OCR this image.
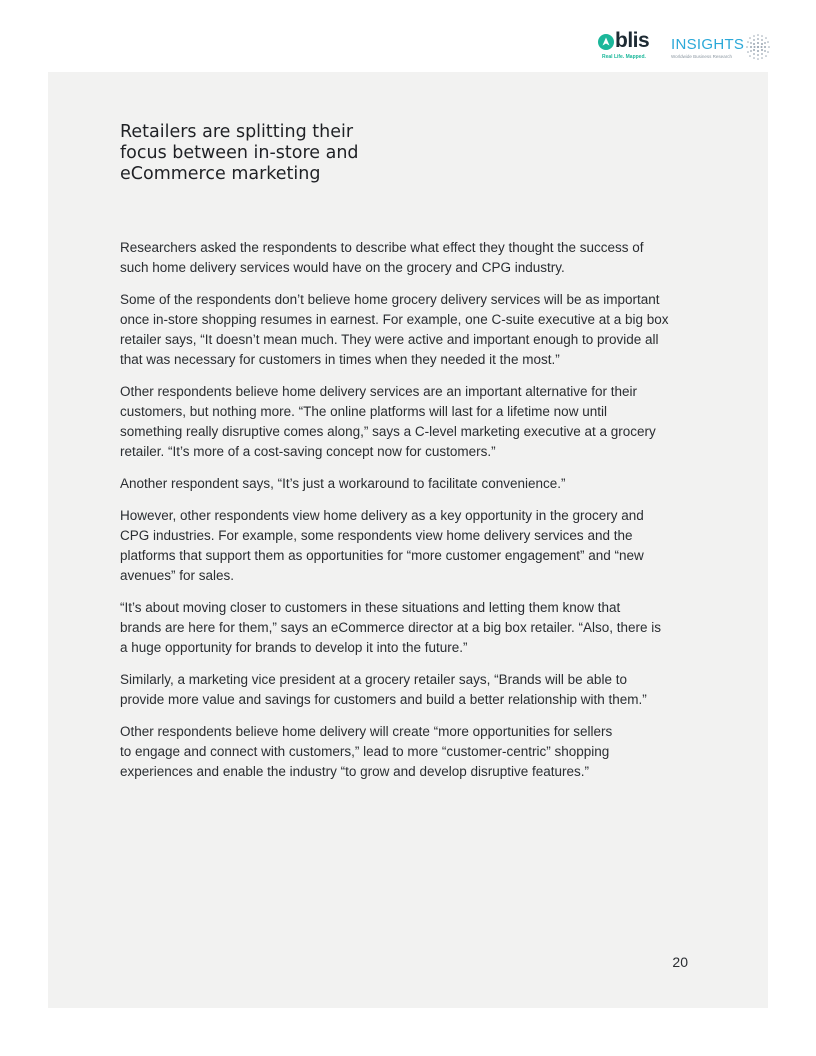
blis
Real Life. Mapped.
INSIGHTS
Worldwide Business Research
Retailers are splitting their
focus between in-store and
eCommerce marketing

Researchers asked the respondents to describe what effect they thought the success of
such home delivery services would have on the grocery and CPG industry.

Some of the respondents don’t believe home grocery delivery services will be as important
once in-store shopping resumes in earnest. For example, one C-suite executive at a big box
retailer says, “It doesn’t mean much. They were active and important enough to provide all
that was necessary for customers in times when they needed it the most.”

Other respondents believe home delivery services are an important alternative for their
customers, but nothing more. “The online platforms will last for a lifetime now until
something really disruptive comes along,” says a C-level marketing executive at a grocery
retailer. “It’s more of a cost-saving concept now for customers.”

Another respondent says, “It’s just a workaround to facilitate convenience.”

However, other respondents view home delivery as a key opportunity in the grocery and
CPG industries. For example, some respondents view home delivery services and the
platforms that support them as opportunities for “more customer engagement” and “new
avenues” for sales.

“It’s about moving closer to customers in these situations and letting them know that
brands are here for them,” says an eCommerce director at a big box retailer. “Also, there is
a huge opportunity for brands to develop it into the future.”

Similarly, a marketing vice president at a grocery retailer says, “Brands will be able to
provide more value and savings for customers and build a better relationship with them.”

Other respondents believe home delivery will create “more opportunities for sellers
to engage and connect with customers,” lead to more “customer-centric” shopping
experiences and enable the industry “to grow and develop disruptive features.”

20
